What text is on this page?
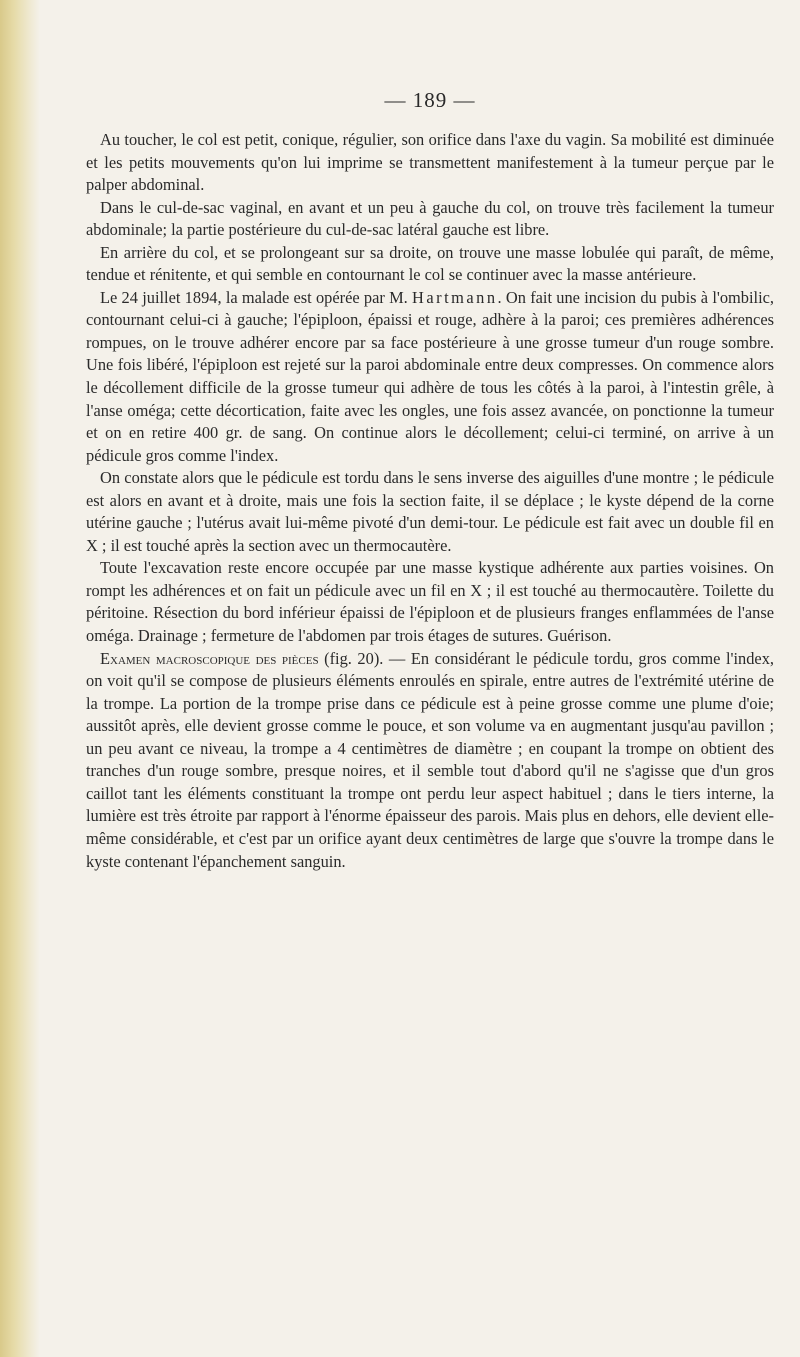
— 189 —

Au toucher, le col est petit, conique, régulier, son orifice dans l'axe du vagin. Sa mobilité est diminuée et les petits mouvements qu'on lui imprime se transmettent manifestement à la tumeur perçue par le palper abdominal.

Dans le cul-de-sac vaginal, en avant et un peu à gauche du col, on trouve très facilement la tumeur abdominale; la partie postérieure du cul-de-sac latéral gauche est libre.

En arrière du col, et se prolongeant sur sa droite, on trouve une masse lobulée qui paraît, de même, tendue et rénitente, et qui semble en contournant le col se continuer avec la masse antérieure.

Le 24 juillet 1894, la malade est opérée par M. Hartmann. On fait une incision du pubis à l'ombilic, contournant celui-ci à gauche; l'épiploon, épaissi et rouge, adhère à la paroi; ces premières adhérences rompues, on le trouve adhérer encore par sa face postérieure à une grosse tumeur d'un rouge sombre. Une fois libéré, l'épiploon est rejeté sur la paroi abdominale entre deux compresses. On commence alors le décollement difficile de la grosse tumeur qui adhère de tous les côtés à la paroi, à l'intestin grêle, à l'anse oméga; cette décortication, faite avec les ongles, une fois assez avancée, on ponctionne la tumeur et on en retire 400 gr. de sang. On continue alors le décollement; celui-ci terminé, on arrive à un pédicule gros comme l'index.

On constate alors que le pédicule est tordu dans le sens inverse des aiguilles d'une montre ; le pédicule est alors en avant et à droite, mais une fois la section faite, il se déplace ; le kyste dépend de la corne utérine gauche ; l'utérus avait lui-même pivoté d'un demi-tour. Le pédicule est fait avec un double fil en X ; il est touché après la section avec un thermocautère.

Toute l'excavation reste encore occupée par une masse kystique adhérente aux parties voisines. On rompt les adhérences et on fait un pédicule avec un fil en X ; il est touché au thermocautère. Toilette du péritoine. Résection du bord inférieur épaissi de l'épiploon et de plusieurs franges enflammées de l'anse oméga. Drainage ; fermeture de l'abdomen par trois étages de sutures. Guérison.

Examen macroscopique des pièces (fig. 20). — En considérant le pédicule tordu, gros comme l'index, on voit qu'il se compose de plusieurs éléments enroulés en spirale, entre autres de l'extrémité utérine de la trompe. La portion de la trompe prise dans ce pédicule est à peine grosse comme une plume d'oie; aussitôt après, elle devient grosse comme le pouce, et son volume va en augmentant jusqu'au pavillon ; un peu avant ce niveau, la trompe a 4 centimètres de diamètre ; en coupant la trompe on obtient des tranches d'un rouge sombre, presque noires, et il semble tout d'abord qu'il ne s'agisse que d'un gros caillot tant les éléments constituant la trompe ont perdu leur aspect habituel ; dans le tiers interne, la lumière est très étroite par rapport à l'énorme épaisseur des parois. Mais plus en dehors, elle devient elle-même considérable, et c'est par un orifice ayant deux centimètres de large que s'ouvre la trompe dans le kyste contenant l'épanchement sanguin.
